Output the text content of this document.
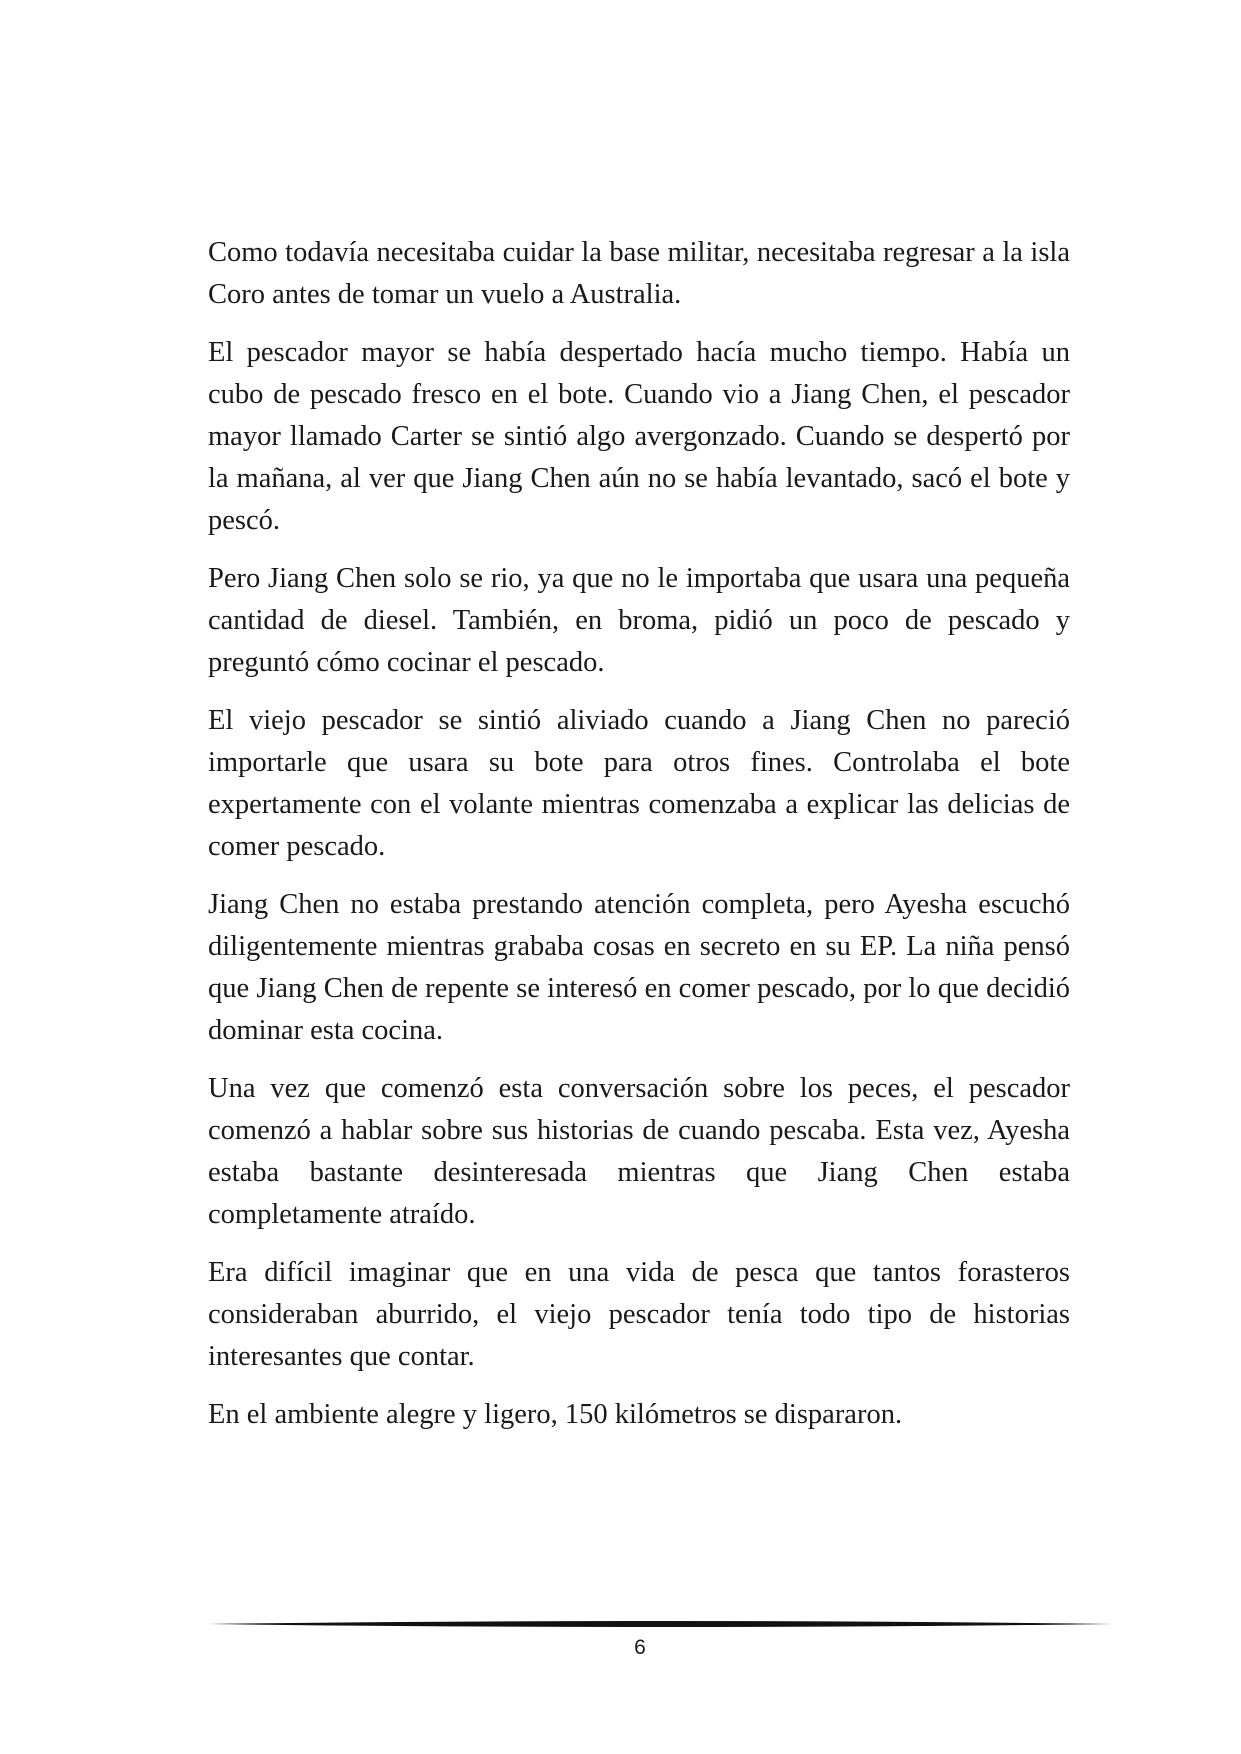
Como todavía necesitaba cuidar la base militar, necesitaba regresar a la isla Coro antes de tomar un vuelo a Australia.

El pescador mayor se había despertado hacía mucho tiempo. Había un cubo de pescado fresco en el bote. Cuando vio a Jiang Chen, el pescador mayor llamado Carter se sintió algo avergonzado. Cuando se despertó por la mañana, al ver que Jiang Chen aún no se había levantado, sacó el bote y pescó.

Pero Jiang Chen solo se rio, ya que no le importaba que usara una pequeña cantidad de diesel. También, en broma, pidió un poco de pescado y preguntó cómo cocinar el pescado.

El viejo pescador se sintió aliviado cuando a Jiang Chen no pareció importarle que usara su bote para otros fines. Controlaba el bote expertamente con el volante mientras comenzaba a explicar las delicias de comer pescado.

Jiang Chen no estaba prestando atención completa, pero Ayesha escuchó diligentemente mientras grababa cosas en secreto en su EP. La niña pensó que Jiang Chen de repente se interesó en comer pescado, por lo que decidió dominar esta cocina.

Una vez que comenzó esta conversación sobre los peces, el pescador comenzó a hablar sobre sus historias de cuando pescaba. Esta vez, Ayesha estaba bastante desinteresada mientras que Jiang Chen estaba completamente atraído.

Era difícil imaginar que en una vida de pesca que tantos forasteros consideraban aburrido, el viejo pescador tenía todo tipo de historias interesantes que contar.

En el ambiente alegre y ligero, 150 kilómetros se dispararon.

6
